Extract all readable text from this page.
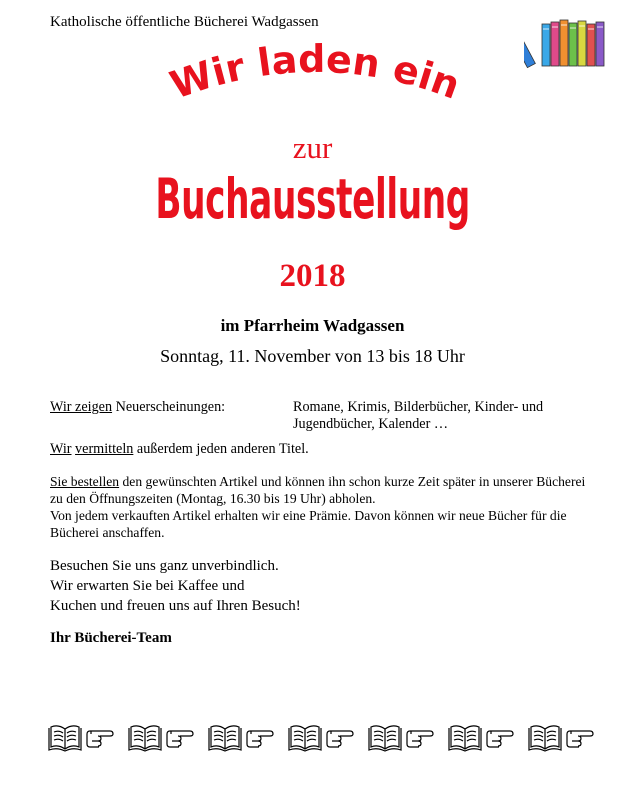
Katholische öffentliche Bücherei Wadgassen
Wir laden ein
zur
Buchausstellung
2018
im Pfarrheim Wadgassen
Sonntag, 11. November von 13 bis 18 Uhr
Wir zeigen Neuerscheinungen:	Romane, Krimis, Bilderbücher, Kinder- und Jugendbücher, Kalender …
Wir vermitteln außerdem jeden anderen Titel.
Sie bestellen den gewünschten Artikel und können ihn schon kurze Zeit später in unserer Bücherei zu den Öffnungszeiten (Montag, 16.30 bis 19 Uhr) abholen.
Von jedem verkauften Artikel erhalten wir eine Prämie. Davon können wir neue Bücher für die Bücherei anschaffen.
Besuchen Sie uns ganz unverbindlich.
Wir erwarten Sie bei Kaffee und
Kuchen und freuen uns auf Ihren Besuch!
Ihr Bücherei-Team
